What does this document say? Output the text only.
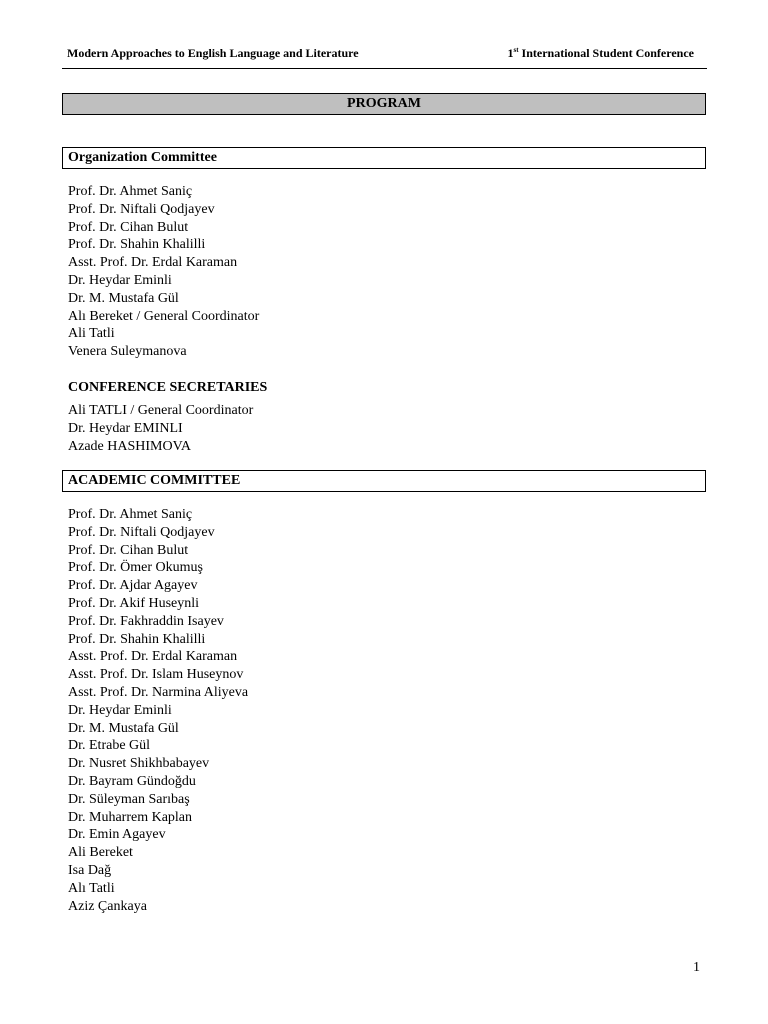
Modern Approaches to English Language and Literature	1st International Student Conference
PROGRAM
Organization Committee
Prof. Dr. Ahmet Saniç
Prof. Dr. Niftali Qodjayev
Prof. Dr. Cihan Bulut
Prof. Dr. Shahin Khalilli
Asst. Prof. Dr. Erdal Karaman
Dr. Heydar Eminli
Dr. M. Mustafa Gül
Alı Bereket / General Coordinator
Ali Tatli
Venera Suleymanova
CONFERENCE SECRETARIES
Ali TATLI / General Coordinator
Dr. Heydar EMINLI
Azade HASHIMOVA
ACADEMIC COMMITTEE
Prof. Dr. Ahmet Saniç
Prof. Dr. Niftali Qodjayev
Prof. Dr. Cihan Bulut
Prof. Dr. Ömer Okumuş
Prof. Dr. Ajdar Agayev
Prof. Dr. Akif Huseynli
Prof. Dr. Fakhraddin Isayev
Prof. Dr. Shahin Khalilli
Asst. Prof. Dr. Erdal Karaman
Asst. Prof. Dr. Islam Huseynov
Asst. Prof. Dr. Narmina Aliyeva
Dr. Heydar Eminli
Dr. M. Mustafa Gül
Dr. Etrabe Gül
Dr. Nusret Shikhbabayev
Dr. Bayram Gündoğdu
Dr. Süleyman Sarıbaş
Dr. Muharrem Kaplan
Dr. Emin Agayev
Ali Bereket
Isa Dağ
Alı Tatli
Aziz Çankaya
1
